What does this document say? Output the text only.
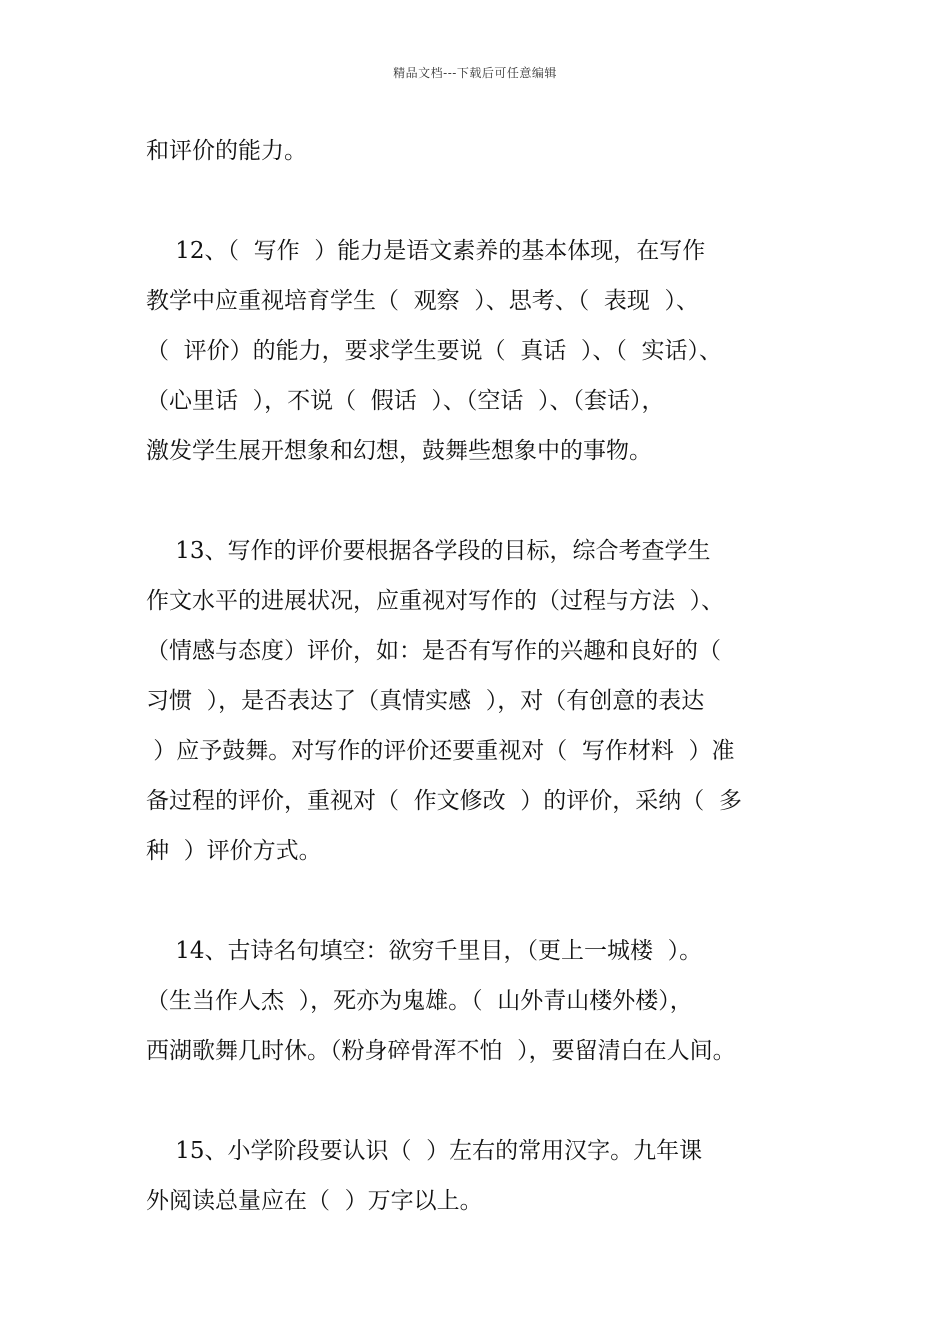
精品文档---下载后可任意编辑
和评价的能力。
12、（  写作  ）能力是语文素养的基本体现，在写作
教学中应重视培育学生（  观察  ）、思考、（  表现  ）、
（  评价）的能力，要求学生要说（  真话  ）、（  实话）、
（心里话  ），不说（  假话  ）、（空话  ）、（套话），
激发学生展开想象和幻想，鼓舞些想象中的事物。
13、写作的评价要根据各学段的目标，综合考查学生
作文水平的进展状况，应重视对写作的（过程与方法  ）、
（情感与态度）评价，如：是否有写作的兴趣和良好的（
习惯  ），是否表达了（真情实感  ），对（有创意的表达
）应予鼓舞。对写作的评价还要重视对（  写作材料  ）准
备过程的评价，重视对（  作文修改  ）的评价，采纳（  多
种  ）评价方式。
14、古诗名句填空：欲穷千里目，（更上一城楼  ）。
（生当作人杰  ），死亦为鬼雄。（  山外青山楼外楼），
西湖歌舞几时休。（粉身碎骨浑不怕  ），要留清白在人间。
15、小学阶段要认识（  ）左右的常用汉字。九年课
外阅读总量应在（  ）万字以上。
